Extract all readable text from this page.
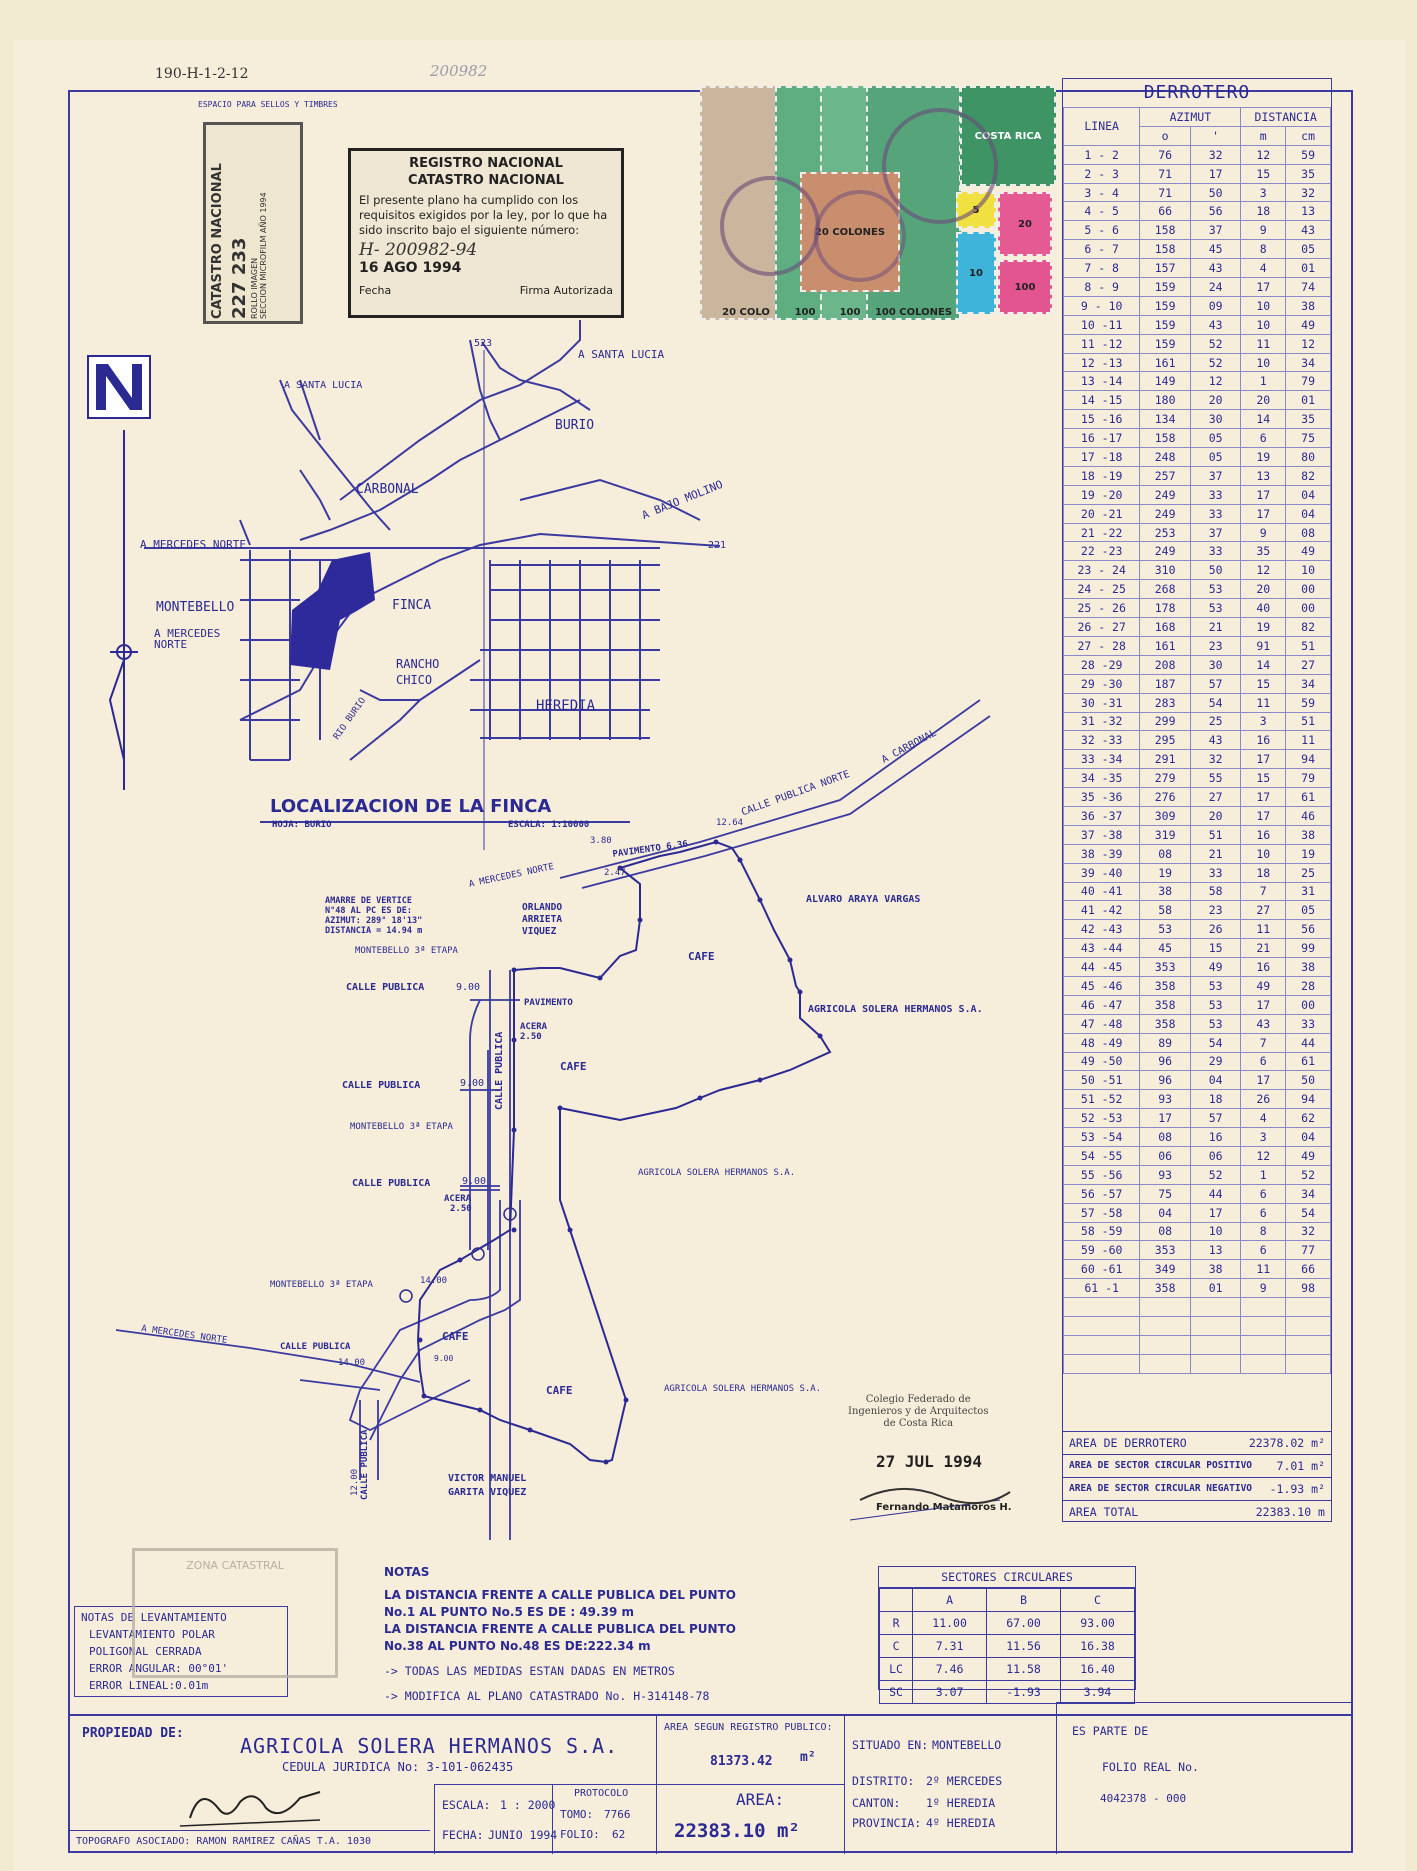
190-H-1-2-12	200982
ESPACIO PARA SELLOS Y TIMBRES
CATASTRO NACIONAL 227 233 ROLLO IMAGEN SECCION MICROFILM AÑO 1994
REGISTRO NACIONAL
CATASTRO NACIONAL
El presente plano ha cumplido con los requisitos exigidos por la ley, por lo que ha sido inscrito bajo el siguiente número:
H- 200982-94
16 AGO 1994
Fecha	Firma Autorizada
20 COLO 100 100 100 COLONES
20 COLONES
COSTA RICA
5
20
10
100
A SANTA LUCIA
A SANTA LUCIA
BURIO
CARBONAL	A BAJO MOLINO
A MERCEDES NORTE
MONTEBELLO
A MERCEDES NORTE
FINCA
RANCHO CHICO
HEREDIA
RIO BURIO
523
221
LOCALIZACION DE LA FINCA
HOJA: BURIO	ESCALA: 1:10000
CALLE PUBLICA NORTE
A CARBONAL
PAVIMENTO 6.36
A MERCEDES NORTE
3.80
2.47
12.64
ALVARO ARAYA VARGAS
AMARRE DE VERTICE
N°48 AL PC ES DE:
AZIMUT: 289° 18'13"
DISTANCIA = 14.94 m
ORLANDO
ARRIETA
VIQUEZ
MONTEBELLO 3ª ETAPA	CAFE
CALLE PUBLICA	9.00
PAVIMENTO
AGRICOLA SOLERA HERMANOS S.A.
ACERA
2.50
CAFE
CALLE PUBLICA	9.00
MONTEBELLO 3ª ETAPA
CALLE PUBLICA
AGRICOLA SOLERA HERMANOS S.A.
CALLE PUBLICA	9.00
ACERA
2.50
MONTEBELLO 3ª ETAPA	14.00
CAFE
A MERCEDES NORTE
CALLE PUBLICA
14.00	9.00
CAFE	AGRICOLA SOLERA HERMANOS S.A.
CALLE PUBLICA
12.00	VICTOR MANUEL
GARITA VIQUEZ
Colegio Federado de
Ingenieros y de Arquitectos
de Costa Rica
27 JUL 1994
Fernando Matamoros H.
DERROTERO
LINEA	AZIMUT		DISTANCIA	
	o	'	m	cm
1 - 2	76	32	12	59
2 - 3	71	17	15	35
3 - 4	71	50	3	32
4 - 5	66	56	18	13
5 - 6	158	37	9	43
6 - 7	158	45	8	05
7 - 8	157	43	4	01
8 - 9	159	24	17	74
9 - 10	159	09	10	38
10 -11	159	43	10	49
11 -12	159	52	11	12
12 -13	161	52	10	34
13 -14	149	12	1	79
14 -15	180	20	20	01
15 -16	134	30	14	35
16 -17	158	05	6	75
17 -18	248	05	19	80
18 -19	257	37	13	82
19 -20	249	33	17	04
20 -21	249	33	17	04
21 -22	253	37	9	08
22 -23	249	33	35	49
23 - 24	310	50	12	10
24 - 25	268	53	20	00
25 - 26	178	53	40	00
26 - 27	168	21	19	82
27 - 28	161	23	91	51
28 -29	208	30	14	27
29 -30	187	57	15	34
30 -31	283	54	11	59
31 -32	299	25	3	51
32 -33	295	43	16	11
33 -34	291	32	17	94
34 -35	279	55	15	79
35 -36	276	27	17	61
36 -37	309	20	17	46
37 -38	319	51	16	38
38 -39	08	21	10	19
39 -40	19	33	18	25
40 -41	38	58	7	31
41 -42	58	23	27	05
42 -43	53	26	11	56
43 -44	45	15	21	99
44 -45	353	49	16	38
45 -46	358	53	49	28
46 -47	358	53	17	00
47 -48	358	53	43	33
48 -49	89	54	7	44
49 -50	96	29	6	61
50 -51	96	04	17	50
51 -52	93	18	26	94
52 -53	17	57	4	62
53 -54	08	16	3	04
54 -55	06	06	12	49
55 -56	93	52	1	52
56 -57	75	44	6	34
57 -58	04	17	6	54
58 -59	08	10	8	32
59 -60	353	13	6	77
60 -61	349	38	11	66
61 -1	358	01	9	98

AREA DE DERROTERO	22378.02 m²
AREA DE SECTOR CIRCULAR POSITIVO 7.01 m²
AREA DE SECTOR CIRCULAR NEGATIVO -1.93 m²
AREA TOTAL	22383.10 m
SECTORES CIRCULARES
	A	B	C
R	11.00	67.00	93.00
C	7.31	11.56	16.38
LC	7.46	11.58	16.40
SC	3.07	-1.93	3.94
NOTAS DE LEVANTAMIENTO
LEVANTAMIENTO POLAR
POLIGONAL CERRADA
ERROR ANGULAR: 00°01'
ERROR LINEAL:0.01m
ZONA CATASTRAL	NOTAS
LA DISTANCIA FRENTE A CALLE PUBLICA DEL PUNTO
No.1 AL PUNTO No.5 ES DE : 49.39 m
LA DISTANCIA FRENTE A CALLE PUBLICA DEL PUNTO
No.38 AL PUNTO No.48 ES DE:222.34 m
-> TODAS LAS MEDIDAS ESTAN DADAS EN METROS
-> MODIFICA AL PLANO CATASTRADO No. H-314148-78
PROPIEDAD DE:
AGRICOLA SOLERA HERMANOS S.A.
CEDULA JURIDICA No: 3-101-062435
TOPOGRAFO ASOCIADO: RAMON RAMIREZ CAÑAS T.A. 1030
ESCALA: 1 : 2000
FECHA: JUNIO 1994
PROTOCOLO
TOMO: 7766
FOLIO: 62
AREA SEGUN REGISTRO PUBLICO:
81373.42 m²
AREA:
22383.10 m²
SITUADO EN: MONTEBELLO
DISTRITO: 2º MERCEDES
CANTON: 1º HEREDIA
PROVINCIA: 4º HEREDIA
ES PARTE DE
FOLIO REAL No.
4042378 - 000
